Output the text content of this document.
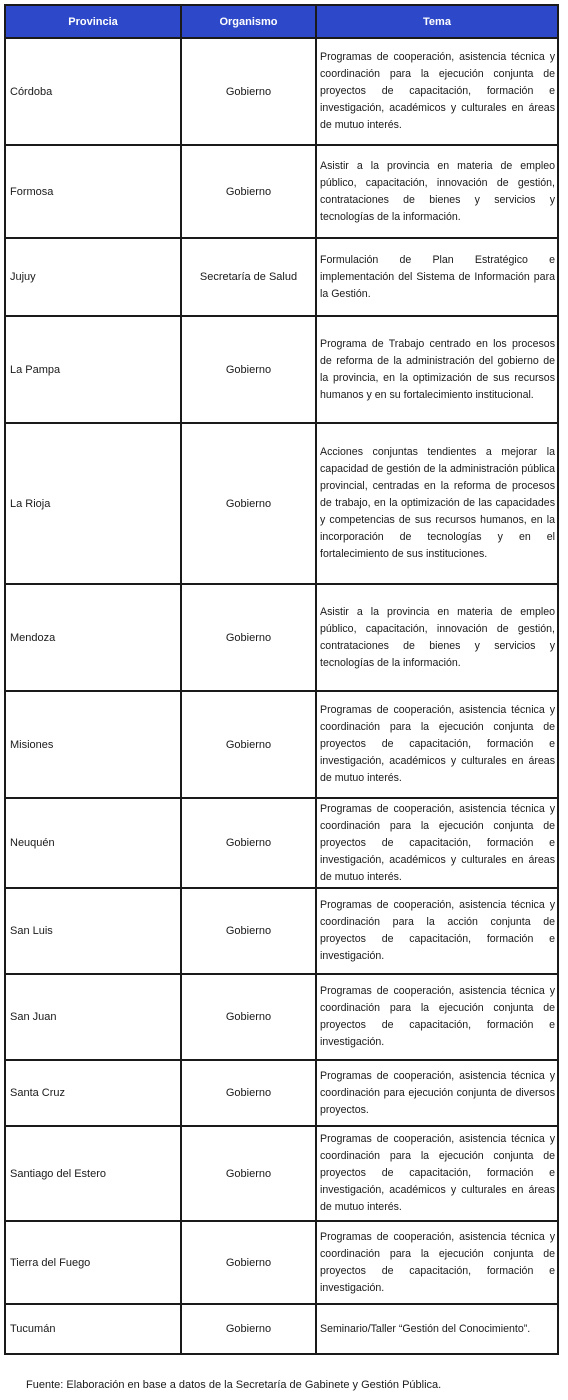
Provincia	Organismo	Tema
Córdoba	Gobierno	Programas de cooperación, asistencia técnica y coordinación para la ejecución conjunta de proyectos de capacitación, formación e investigación, académicos y culturales en áreas de mutuo interés.
Formosa	Gobierno	Asistir a la provincia en materia de empleo público, capacitación, innovación de gestión, contrataciones de bienes y servicios y tecnologías de la información.
Jujuy	Secretaría de Salud	Formulación de Plan Estratégico e implementación del Sistema de Información para la Gestión.
La Pampa	Gobierno	Programa de Trabajo centrado en los procesos de reforma de la administración del gobierno de la provincia, en la optimización de sus recursos humanos y en su fortalecimiento institucional.
La Rioja	Gobierno	Acciones conjuntas tendientes a mejorar la capacidad de gestión de la administración pública provincial, centradas en la reforma de procesos de trabajo, en la optimización de las capacidades y competencias de sus recursos humanos, en la incorporación de tecnologías y en el fortalecimiento de sus instituciones.
Mendoza	Gobierno	Asistir a la provincia en materia de empleo público, capacitación, innovación de gestión, contrataciones de bienes y servicios y tecnologías de la información.
Misiones	Gobierno	Programas de cooperación, asistencia técnica y coordinación para la ejecución conjunta de proyectos de capacitación, formación e investigación, académicos y culturales en áreas de mutuo interés.
Neuquén	Gobierno	Programas de cooperación, asistencia técnica y coordinación para la ejecución conjunta de proyectos de capacitación, formación e investigación, académicos y culturales en áreas de mutuo interés.
San Luis	Gobierno	Programas de cooperación, asistencia técnica y coordinación para la acción conjunta de proyectos de capacitación, formación e investigación.
San Juan	Gobierno	Programas de cooperación, asistencia técnica y coordinación para la ejecución conjunta de proyectos de capacitación, formación e investigación.
Santa Cruz	Gobierno	Programas de cooperación, asistencia técnica y coordinación para ejecución conjunta de diversos proyectos.
Santiago del Estero	Gobierno	Programas de cooperación, asistencia técnica y coordinación para la ejecución conjunta de proyectos de capacitación, formación e investigación, académicos y culturales en áreas de mutuo interés.
Tierra del Fuego	Gobierno	Programas de cooperación, asistencia técnica y coordinación para la ejecución conjunta de proyectos de capacitación, formación e investigación.
Tucumán	Gobierno	Seminario/Taller “Gestión del Conocimiento”.
Fuente: Elaboración en base a datos de la Secretaría de Gabinete y Gestión Pública.
